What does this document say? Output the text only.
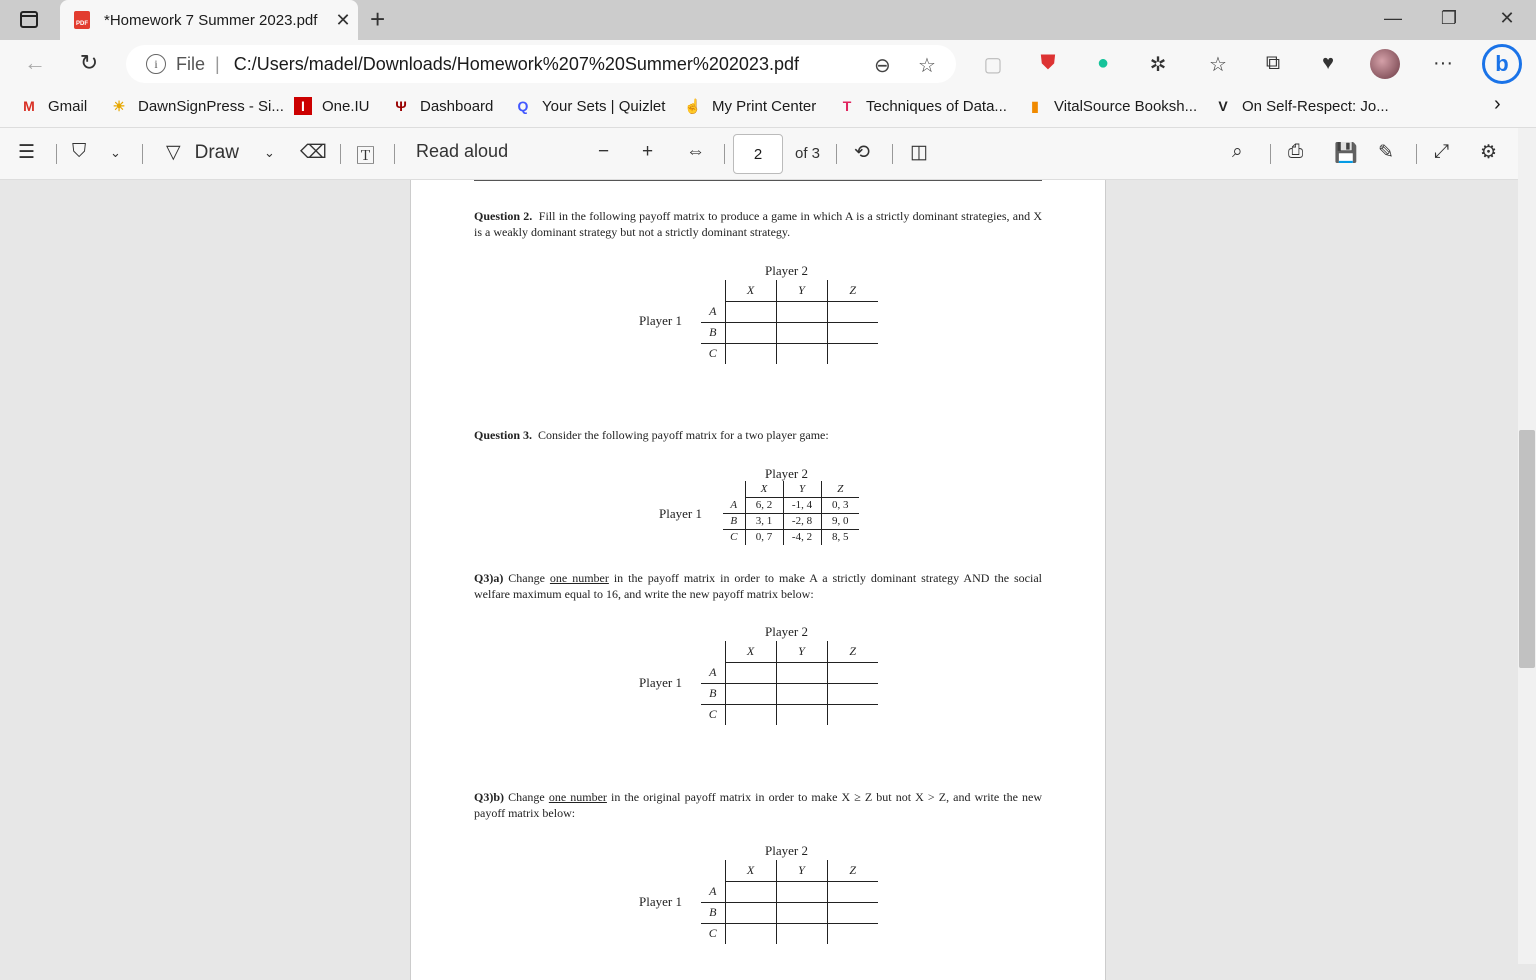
PDF *Homework 7 Summer 2023.pdf	✕ +	—	❐	✕
← ↻	i	File | C:/Users/madel/Downloads/Homework%207%20Summer%202023.pdf	⊖ ☆ ▢	⛊	●	✲	☆	⧉	♥	···	b
M Gmail ☀ DawnSignPress - Si...	I	One.IU Ψ Dashboard Q Your Sets | Quizlet ☝ My Print Center	T Techniques of Data...	▮	VitalSource Booksh...	V On Self-Respect: Jo...	›
☰ ⛉ ⌄ ▽ Draw ⌄ ⌫ 🅃 Read aloud	− + ⇔	of 3 ⟲ ◫	⌕ ⎙ 💾 ✎ ⤢ ⚙
2
Question 2. Fill in the following payoff matrix to produce a game in which A is a strictly dominant strategies, and X is a weakly dominant strategy but not a strictly dominant strategy.
Player 2
Player 1
	X	Y	Z
A			
B			
C			
Question 3. Consider the following payoff matrix for a two player game:
Player 2
Player 1
	X	Y	Z
A	6, 2	-1, 4	0, 3
B	3, 1	-2, 8	9, 0
C	0, 7	-4, 2	8, 5
Q3)a) Change one number in the payoff matrix in order to make A a strictly dominant strategy AND the social welfare maximum equal to 16, and write the new payoff matrix below:
Player 2
Player 1
	X	Y	Z
A			
B			
C			
Q3)b) Change one number in the original payoff matrix in order to make X ≥ Z but not X > Z, and write the new payoff matrix below:
Player 2
Player 1
	X	Y	Z
A			
B			
C			
